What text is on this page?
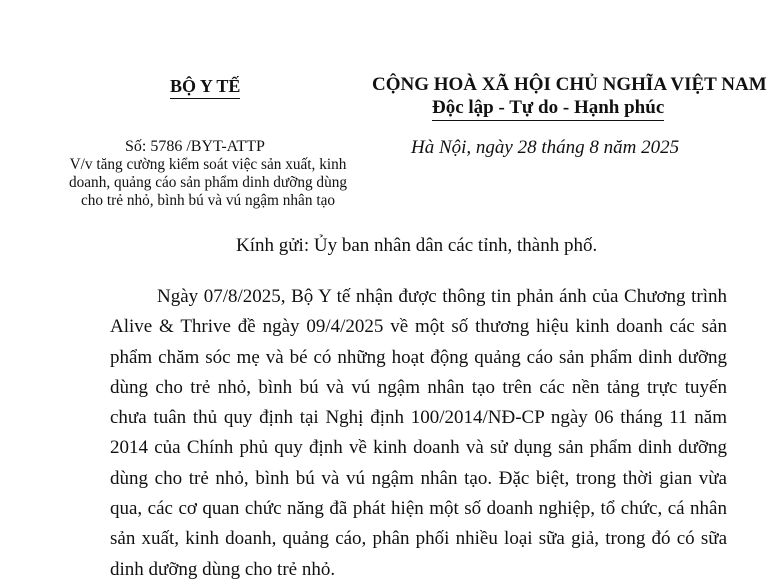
BỘ Y TẾ	CỘNG HOÀ XÃ HỘI CHỦ NGHĨA VIỆT NAM
Độc lập - Tự do - Hạnh phúc
Số: 5786 /BYT-ATTP
V/v tăng cường kiểm soát việc sản xuất, kinh
doanh, quảng cáo sản phẩm dinh dưỡng dùng
cho trẻ nhỏ, bình bú và vú ngậm nhân tạo
Hà Nội, ngày 28 tháng 8 năm 2025
Kính gửi: Ủy ban nhân dân các tỉnh, thành phố.
Ngày 07/8/2025, Bộ Y tế nhận được thông tin phản ánh của Chương trình
Alive & Thrive đề ngày 09/4/2025 về một số thương hiệu kinh doanh các sản
phẩm chăm sóc mẹ và bé có những hoạt động quảng cáo sản phẩm dinh dưỡng
dùng cho trẻ nhỏ, bình bú và vú ngậm nhân tạo trên các nền tảng trực tuyến
chưa tuân thủ quy định tại Nghị định 100/2014/NĐ-CP ngày 06 tháng 11 năm
2014 của Chính phủ quy định về kinh doanh và sử dụng sản phẩm dinh dưỡng
dùng cho trẻ nhỏ, bình bú và vú ngậm nhân tạo. Đặc biệt, trong thời gian vừa
qua, các cơ quan chức năng đã phát hiện một số doanh nghiệp, tổ chức, cá nhân
sản xuất, kinh doanh, quảng cáo, phân phối nhiều loại sữa giả, trong đó có sữa
dinh dưỡng dùng cho trẻ nhỏ.
